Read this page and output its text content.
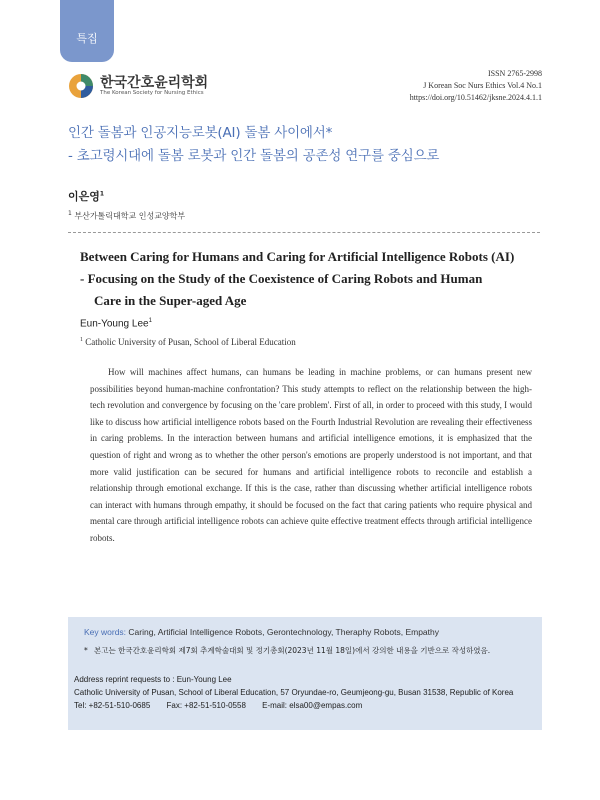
특집
한국간호윤리학회
The Korean Society for Nursing Ethics
ISSN 2765-2998
J Korean Soc Nurs Ethics Vol.4 No.1
https://doi.org/10.51462/jksne.2024.4.1.1
인간 돌봄과 인공지능로봇(AI) 돌봄 사이에서*
- 초고령시대에 돌봄 로봇과 인간 돌봄의 공존성 연구를 중심으로
이은영$^1$
$^1$ 부산가톨릭대학교 인성교양학부
Between Caring for Humans and Caring for Artificial Intelligence Robots (AI)
- Focusing on the Study of the Coexistence of Caring Robots and Human
Care in the Super-aged Age
Eun-Young Lee$^1$
$^1$ Catholic University of Pusan, School of Liberal Education
How will machines affect humans, can humans be leading in machine problems, or can humans present new possibilities beyond human-machine confrontation? This study attempts to reflect on the relationship between the high-tech revolution and convergence by focusing on the 'care problem'. First of all, in order to proceed with this study, I would like to discuss how artificial intelligence robots based on the Fourth Industrial Revolution are revealing their effectiveness in caring problems. In the interaction between humans and artificial intelligence emotions, it is emphasized that the question of right and wrong as to whether the other person's emotions are properly understood is not important, and that more valid justification can be secured for humans and artificial intelligence robots to reconcile and establish a relationship through emotional exchange. If this is the case, rather than discussing whether artificial intelligence robots can interact with humans through empathy, it should be focused on the fact that caring patients who require physical and mental care through artificial intelligence robots can achieve quite effective treatment effects through artificial intelligence robots.
Key words: Caring, Artificial Intelligence Robots, Gerontechnology, Theraphy Robots, Empathy
* 본고는 한국간호윤리학회 제7회 추계학술대회 및 정기총회(2023년 11월 18일)에서 강의한 내용을 기반으로 작성하였음.
Address reprint requests to : Eun-Young Lee
Catholic University of Pusan, School of Liberal Education, 57 Oryundae-ro, Geumjeong-gu, Busan 31538, Republic of Korea
Tel: +82-51-510-0685 Fax: +82-51-510-0558 E-mail: elsa00@empas.com
